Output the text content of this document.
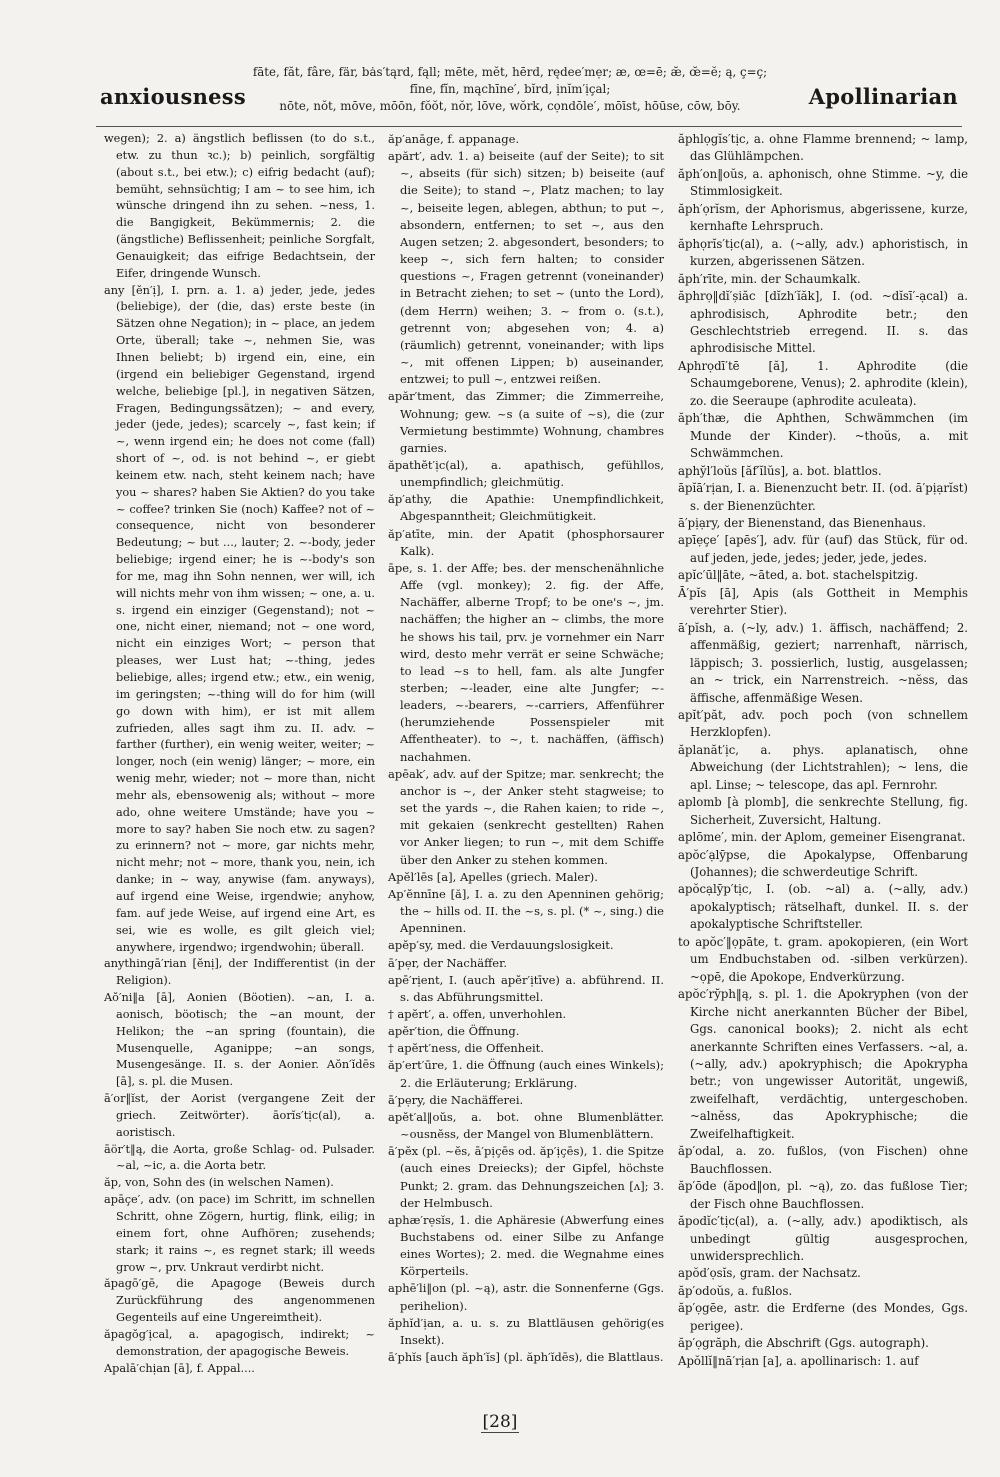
anxiousness
fāte, făt, fâre, fär, bȧs′tąrd, fąll; mēte, mĕt, hērd, rędee′mẹr; æ, œ=ē; æ̆, œ̆=ĕ; ą, ç=ç;
fīne, fĭn, mąchīne′, bĭrd, ịnĭm′ịçal;
nōte, nŏt, mōve, mōōn, fŏŏt, nŏr, lōve, wŏrk, cọndōle′, mōīst, hōūse, cōw, bōy.	Apollinarian

wegen); 2. a) ängstlich beflissen (to do s.t., etw. zu thun ꝛc.); b) peinlich, sorgfältig (about s.t., bei etw.); c) eifrig bedacht (auf); bemüht, sehnsüchtig; I am ~ to see him, ich wünsche dringend ihn zu sehen. ~ness, 1. die Bangigkeit, Bekümmernis; 2. die (ängstliche) Beflissenheit; peinliche Sorgfalt, Genauigkeit; das eifrige Bedachtsein, der Eifer, dringende Wunsch.

any [ĕn′ị], I. prn. a. 1. a) jeder, jede, jedes (beliebige), der (die, das) erste beste (in Sätzen ohne Negation); in ~ place, an jedem Orte, überall; take ~, nehmen Sie, was Ihnen beliebt; b) irgend ein, eine, ein (irgend ein beliebiger Gegenstand, irgend welche, beliebige [pl.], in negativen Sätzen, Fragen, Bedingungssätzen); ~ and every, jeder (jede, jedes); scarcely ~, fast kein; if ~, wenn irgend ein; he does not come (fall) short of ~, od. is not behind ~, er giebt keinem etw. nach, steht keinem nach; have you ~ shares? haben Sie Aktien? do you take ~ coffee? trinken Sie (noch) Kaffee? not of ~ consequence, nicht von besonderer Bedeutung; ~ but ..., lauter; 2. ~-body, jeder beliebige; irgend einer; he is ~-body's son for me, mag ihn Sohn nennen, wer will, ich will nichts mehr von ihm wissen; ~ one, a. u. s. irgend ein einziger (Gegenstand); not ~ one, nicht einer, niemand; not ~ one word, nicht ein einziges Wort; ~ person that pleases, wer Lust hat; ~-thing, jedes beliebige, alles; irgend etw.; etw., ein wenig, im geringsten; ~-thing will do for him (will go down with him), er ist mit allem zufrieden, alles sagt ihm zu. II. adv. ~ farther (further), ein wenig weiter, weiter; ~ longer, noch (ein wenig) länger; ~ more, ein wenig mehr, wieder; not ~ more than, nicht mehr als, ebensowenig als; without ~ more ado, ohne weitere Umstände; have you ~ more to say? haben Sie noch etw. zu sagen? zu erinnern? not ~ more, gar nichts mehr, nicht mehr; not ~ more, thank you, nein, ich danke; in ~ way, anywise (fam. anyways), auf irgend eine Weise, irgendwie; anyhow, fam. auf jede Weise, auf irgend eine Art, es sei, wie es wolle, es gilt gleich viel; anywhere, irgendwo; irgendwohin; überall.

anythingā′rian [ĕnị], der Indifferentist (in der Religion).

Aŏ′ni‖a [ā], Aonien (Böotien). ~an, I. a. aonisch, böotisch; the ~an mount, der Helikon; the ~an spring (fountain), die Musenquelle, Aganippe; ~an songs, Musengesänge. II. s. der Aonier. Aŏn′ĭdēs [ā], s. pl. die Musen.

ā′or‖ĭst, der Aorist (vergangene Zeit der griech. Zeitwörter). āorĭs′tịc(al), a. aoristisch.

āör′t‖ą, die Aorta, große Schlag- od. Pulsader. ~al, ~ic, a. die Aorta betr.

ăp, von, Sohn des (in welschen Namen).

apāçe′, adv. (on pace) im Schritt, im schnellen Schritt, ohne Zögern, hurtig, flink, eilig; in einem fort, ohne Aufhören; zusehends; stark; it rains ~, es regnet stark; ill weeds grow ~, prv. Unkraut verdirbt nicht.

ăpagō′gē, die Apagoge (Beweis durch Zurückführung des angenommenen Gegenteils auf eine Ungereimtheit).

ăpagŏg′ịcal, a. apagogisch, indirekt; ~ demonstration, der apagogische Beweis.

Apalā′chịan [ā], f. Appal....

ăp′anāge, f. appanage.

apărt′, adv. 1. a) beiseite (auf der Seite); to sit ~, abseits (für sich) sitzen; b) beiseite (auf die Seite); to stand ~, Platz machen; to lay ~, beiseite legen, ablegen, abthun; to put ~, absondern, entfernen; to set ~, aus den Augen setzen; 2. abgesondert, besonders; to keep ~, sich fern halten; to consider questions ~, Fragen getrennt (voneinander) in Betracht ziehen; to set ~ (unto the Lord), (dem Herrn) weihen; 3. ~ from o. (s.t.), getrennt von; abgesehen von; 4. a) (räumlich) getrennt, voneinander; with lips ~, mit offenen Lippen; b) auseinander, entzwei; to pull ~, entzwei reißen.

apăr′tment, das Zimmer; die Zimmerreihe, Wohnung; gew. ~s (a suite of ~s), die (zur Vermietung bestimmte) Wohnung, chambres garnies.

ăpathĕt′ịc(al), a. apathisch, gefühllos, unempfindlich; gleichmütig.

ăp′athy, die Apathie: Unempfindlichkeit, Abgespanntheit; Gleichmütigkeit.

ăp′atīte, min. der Apatit (phosphorsaurer Kalk).

āpe, s. 1. der Affe; bes. der menschenähnliche Affe (vgl. monkey); 2. fig. der Affe, Nachäffer, alberne Tropf; to be one's ~, jm. nachäffen; the higher an ~ climbs, the more he shows his tail, prv. je vornehmer ein Narr wird, desto mehr verrät er seine Schwäche; to lead ~s to hell, fam. als alte Jungfer sterben; ~-leader, eine alte Jungfer; ~-leaders, ~-bearers, ~-carriers, Affenführer (herumziehende Possenspieler mit Affentheater). to ~, t. nachäffen, (äffisch) nachahmen.

apēak′, adv. auf der Spitze; mar. senkrecht; the anchor is ~, der Anker steht stagweise; to set the yards ~, die Rahen kaien; to ride ~, mit gekaien (senkrecht gestellten) Rahen vor Anker liegen; to run ~, mit dem Schiffe über den Anker zu stehen kommen.

Apĕl′lēs [a], Apelles (griech. Maler).

Ap′ĕnnīne [ă], I. a. zu den Apenninen gehörig; the ~ hills od. II. the ~s, s. pl. (* ~, sing.) die Apenninen.

apĕp′sy, med. die Verdauungslosigkeit.

ā′pẹr, der Nachäffer.

apē′rịent, I. (auch apĕr′ịtīve) a. abführend. II. s. das Abführungsmittel.

† apĕrt′, a. offen, unverhohlen.

apĕr′tion, die Öffnung.

† apĕrt′ness, die Offenheit.

ăp′ert′ūre, 1. die Öffnung (auch eines Winkels); 2. die Erläuterung; Erklärung.

ā′pẹry, die Nachäfferei.

apĕt′al‖oŭs, a. bot. ohne Blumenblätter. ~ousnĕss, der Mangel von Blumenblättern.

ā′pĕx (pl. ~ĕs, ā′pịçēs od. ăp′ịçēs), 1. die Spitze (auch eines Dreiecks); der Gipfel, höchste Punkt; 2. gram. das Dehnungszeichen [ʌ]; 3. der Helmbusch.

aphæ′rẹsĭs, 1. die Aphäresie (Abwerfung eines Buchstabens od. einer Silbe zu Anfange eines Wortes); 2. med. die Wegnahme eines Körperteils.

aphē′li‖on (pl. ~ą), astr. die Sonnenferne (Ggs. perihelion).

ăphĭd′ịan, a. u. s. zu Blattläusen gehörig(es Insekt).

ā′phĭs [auch ăph′ĭs] (pl. ăph′ĭdēs), die Blattlaus.

ăphlọgĭs′tịc, a. ohne Flamme brennend; ~ lamp, das Glühlämpchen.

ăph′on‖oŭs, a. aphonisch, ohne Stimme. ~y, die Stimmlosigkeit.

ăph′ọrĭsm, der Aphorismus, abgerissene, kurze, kernhafte Lehrspruch.

ăphọrĭs′tịc(al), a. (~ally, adv.) aphoristisch, in kurzen, abgerissenen Sätzen.

ăph′rīte, min. der Schaumkalk.

ăphrọ‖dĭ′șiăc [dĭzh′ĭăk], I. (od. ~dĭsī′-ạcal) a. aphrodisisch, Aphrodite betr.; den Geschlechtstrieb erregend. II. s. das aphrodisische Mittel.

Aphrọdī′tē [ă], 1. Aphrodite (die Schaumgeborene, Venus); 2. aphrodite (klein), zo. die Seeraupe (aphrodite aculeata).

ăph′thæ, die Aphthen, Schwämmchen (im Munde der Kinder). ~thoŭs, a. mit Schwämmchen.

aphy̆l′loŭs [ăf′ĭlŭs], a. bot. blattlos.

āpĭā′rịan, I. a. Bienenzucht betr. II. (od. ā′pịạrĭst) s. der Bienenzüchter.

ā′pịạry, der Bienenstand, das Bienenhaus.

apīẹçe′ [apēs′], adv. für (auf) das Stück, für od. auf jeden, jede, jedes; jeder, jede, jedes.

apĭc′ūl‖āte, ~āted, a. bot. stachelspitzig.

Ā′pĭs [ā], Apis (als Gottheit in Memphis verehrter Stier).

ā′pĭsh, a. (~ly, adv.) 1. äffisch, nachäffend; 2. affenmäßig, geziert; narrenhaft, närrisch, läppisch; 3. possierlich, lustig, ausgelassen; an ~ trick, ein Narrenstreich. ~nĕss, das äffische, affenmäßige Wesen.

apĭt′păt, adv. poch poch (von schnellem Herzklopfen).

ăplanăt′ịc, a. phys. aplanatisch, ohne Abweichung (der Lichtstrahlen); ~ lens, die apl. Linse; ~ telescope, das apl. Fernrohr.

aplomb [à plomb], die senkrechte Stellung, fig. Sicherheit, Zuversicht, Haltung.

aplōme′, min. der Aplom, gemeiner Eisengranat.

apŏc′ạlȳpse, die Apokalypse, Offenbarung (Johannes); die schwerdeutige Schrift.

apŏcạlȳp′tịc, I. (ob. ~al) a. (~ally, adv.) apokalyptisch; rätselhaft, dunkel. II. s. der apokalyptische Schriftsteller.

to apŏc′‖ọpāte, t. gram. apokopieren, (ein Wort um Endbuchstaben od. -silben verkürzen). ~ọpē, die Apokope, Endverkürzung.

apŏc′ry̆ph‖ą, s. pl. 1. die Apokryphen (von der Kirche nicht anerkannten Bücher der Bibel, Ggs. canonical books); 2. nicht als echt anerkannte Schriften eines Verfassers. ~al, a. (~ally, adv.) apokryphisch; die Apokrypha betr.; von ungewisser Autorität, ungewiß, zweifelhaft, verdächtig, untergeschoben. ~alnĕss, das Apokryphische; die Zweifelhaftigkeit.

ăp′odal, a. zo. fußlos, (von Fischen) ohne Bauchflossen.

ăp′ōde (ăpod‖on, pl. ~ą), zo. das fußlose Tier; der Fisch ohne Bauchflossen.

ăpodĭc′tịc(al), a. (~ally, adv.) apodiktisch, als unbedingt gültig ausgesprochen, unwidersprechlich.

apŏd′ọsĭs, gram. der Nachsatz.

ăp′odoŭs, a. fußlos.

ăp′ọgēe, astr. die Erdferne (des Mondes, Ggs. perigee).

ăp′ọgrăph, die Abschrift (Ggs. autograph).

Apŏllĭ‖nā′rịan [a], a. apollinarisch: 1. auf

[28]
